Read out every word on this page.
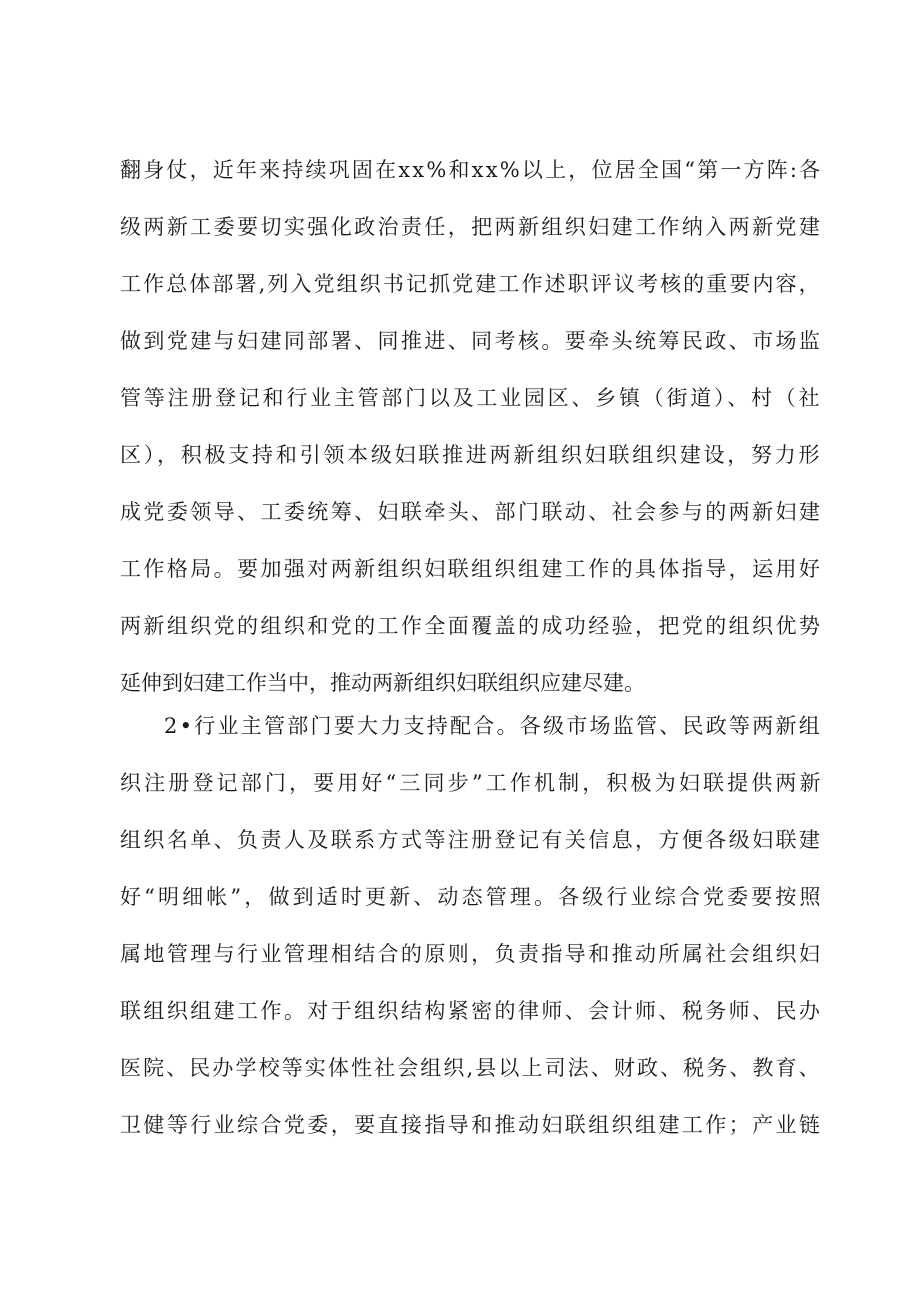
翻身仗，近年来持续巩固在xx%和xx%以上，位居全国“第一方阵:各
级两新工委要切实强化政治责任，把两新组织妇建工作纳入两新党建
工作总体部署,列入党组织书记抓党建工作述职评议考核的重要内容，
做到党建与妇建同部署、同推进、同考核。要牵头统筹民政、市场监
管等注册登记和行业主管部门以及工业园区、乡镇（街道）、村（社
区），积极支持和引领本级妇联推进两新组织妇联组织建设，努力形
成党委领导、工委统筹、妇联牵头、部门联动、社会参与的两新妇建
工作格局。要加强对两新组织妇联组织组建工作的具体指导，运用好
两新组织党的组织和党的工作全面覆盖的成功经验，把党的组织优势
延伸到妇建工作当中，推动两新组织妇联组织应建尽建。
2•行业主管部门要大力支持配合。各级市场监管、民政等两新组
织注册登记部门，要用好“三同步”工作机制，积极为妇联提供两新
组织名单、负责人及联系方式等注册登记有关信息，方便各级妇联建
好“明细帐”，做到适时更新、动态管理。各级行业综合党委要按照
属地管理与行业管理相结合的原则，负责指导和推动所属社会组织妇
联组织组建工作。对于组织结构紧密的律师、会计师、税务师、民办
医院、民办学校等实体性社会组织,县以上司法、财政、税务、教育、
卫健等行业综合党委，要直接指导和推动妇联组织组建工作；产业链
